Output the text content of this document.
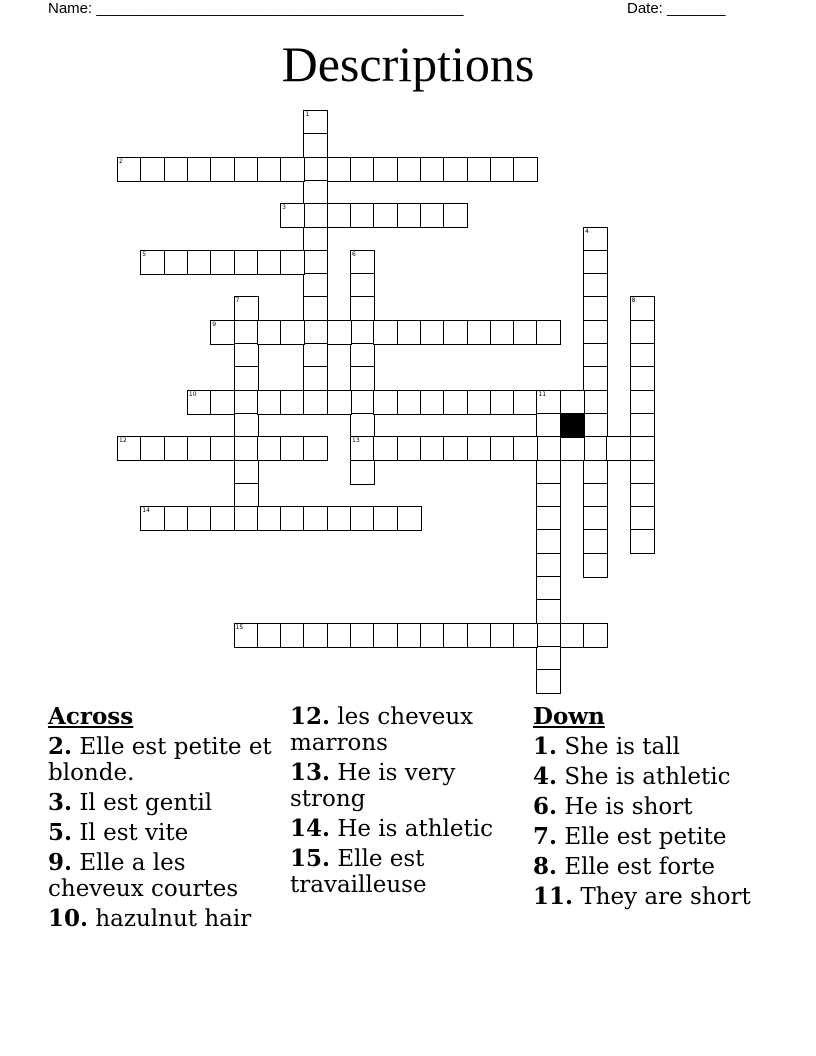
Name: ____________________________________________	Date: _______
Descriptions
1
2
3
4
5	6
13
7	8
9
10	11
12
14
15
Across
2. Elle est petite et blonde.
3. Il est gentil
5. Il est vite
9. Elle a les cheveux courtes
10. hazulnut hair
12. les cheveux marrons
13. He is very strong
14. He is athletic
15. Elle est travailleuse
Down
1. She is tall
4. She is athletic
6. He is short
7. Elle est petite
8. Elle est forte
11. They are short
